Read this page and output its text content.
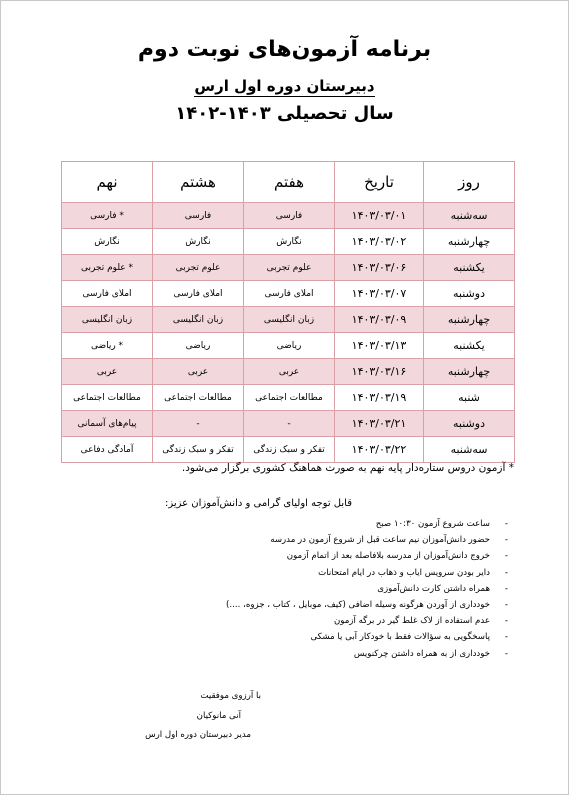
برنامه آزمون‌های نوبت دوم
دبیرستان دوره اول ارس
سال تحصیلی ۱۴۰۳-۱۴۰۲
روز	تاریخ	هفتم	هشتم	نهم
سه‌شنبه	۱۴۰۳/۰۳/۰۱	فارسی	فارسی	* فارسی
چهارشنبه	۱۴۰۳/۰۳/۰۲	نگارش	نگارش	نگارش
یکشنبه	۱۴۰۳/۰۳/۰۶	علوم تجربی	علوم تجربی	* علوم تجربی
دوشنبه	۱۴۰۳/۰۳/۰۷	املای فارسی	املای فارسی	املای فارسی
چهارشنبه	۱۴۰۳/۰۳/۰۹	زبان انگلیسی	زبان انگلیسی	زبان انگلیسی
یکشنبه	۱۴۰۳/۰۳/۱۳	ریاضی	ریاضی	* ریاضی
چهارشنبه	۱۴۰۳/۰۳/۱۶	عربی	عربی	عربی
شنبه	۱۴۰۳/۰۳/۱۹	مطالعات اجتماعی	مطالعات اجتماعی	مطالعات اجتماعی
دوشنبه	۱۴۰۳/۰۳/۲۱	-	-	پیام‌های آسمانی
سه‌شنبه	۱۴۰۳/۰۳/۲۲	تفکر و سبک زندگی	تفکر و سبک زندگی	آمادگی دفاعی
* آزمون دروس ستاره‌دار پایه نهم به صورت هماهنگ کشوری برگزار می‌شود.
قابل توجه اولیای گرامی و دانش‌آموزان عزیز:
- ساعت شروع آزمون ۱۰:۳۰ صبح
- حضور دانش‌آموزان نیم ساعت قبل از شروع آزمون در مدرسه
- خروج دانش‌آموزان از مدرسه بلافاصله بعد از اتمام آزمون
- دایر بودن سرویس ایاب و ذهاب در ایام امتحانات
- همراه داشتن کارت دانش‌آموزی
- خودداری از آوردن هرگونه وسیله اضافی (کیف، موبایل ، کتاب ، جزوه، ....)
- عدم استفاده از لاک غلط گیر در برگه آزمون
- پاسخگویی به سؤالات فقط با خودکار آبی یا مشکی
- خودداری از به همراه داشتن چرکنویس
با آرزوی موفقیت
آنی مانوکیان
مدیر دبیرستان دوره اول ارس
